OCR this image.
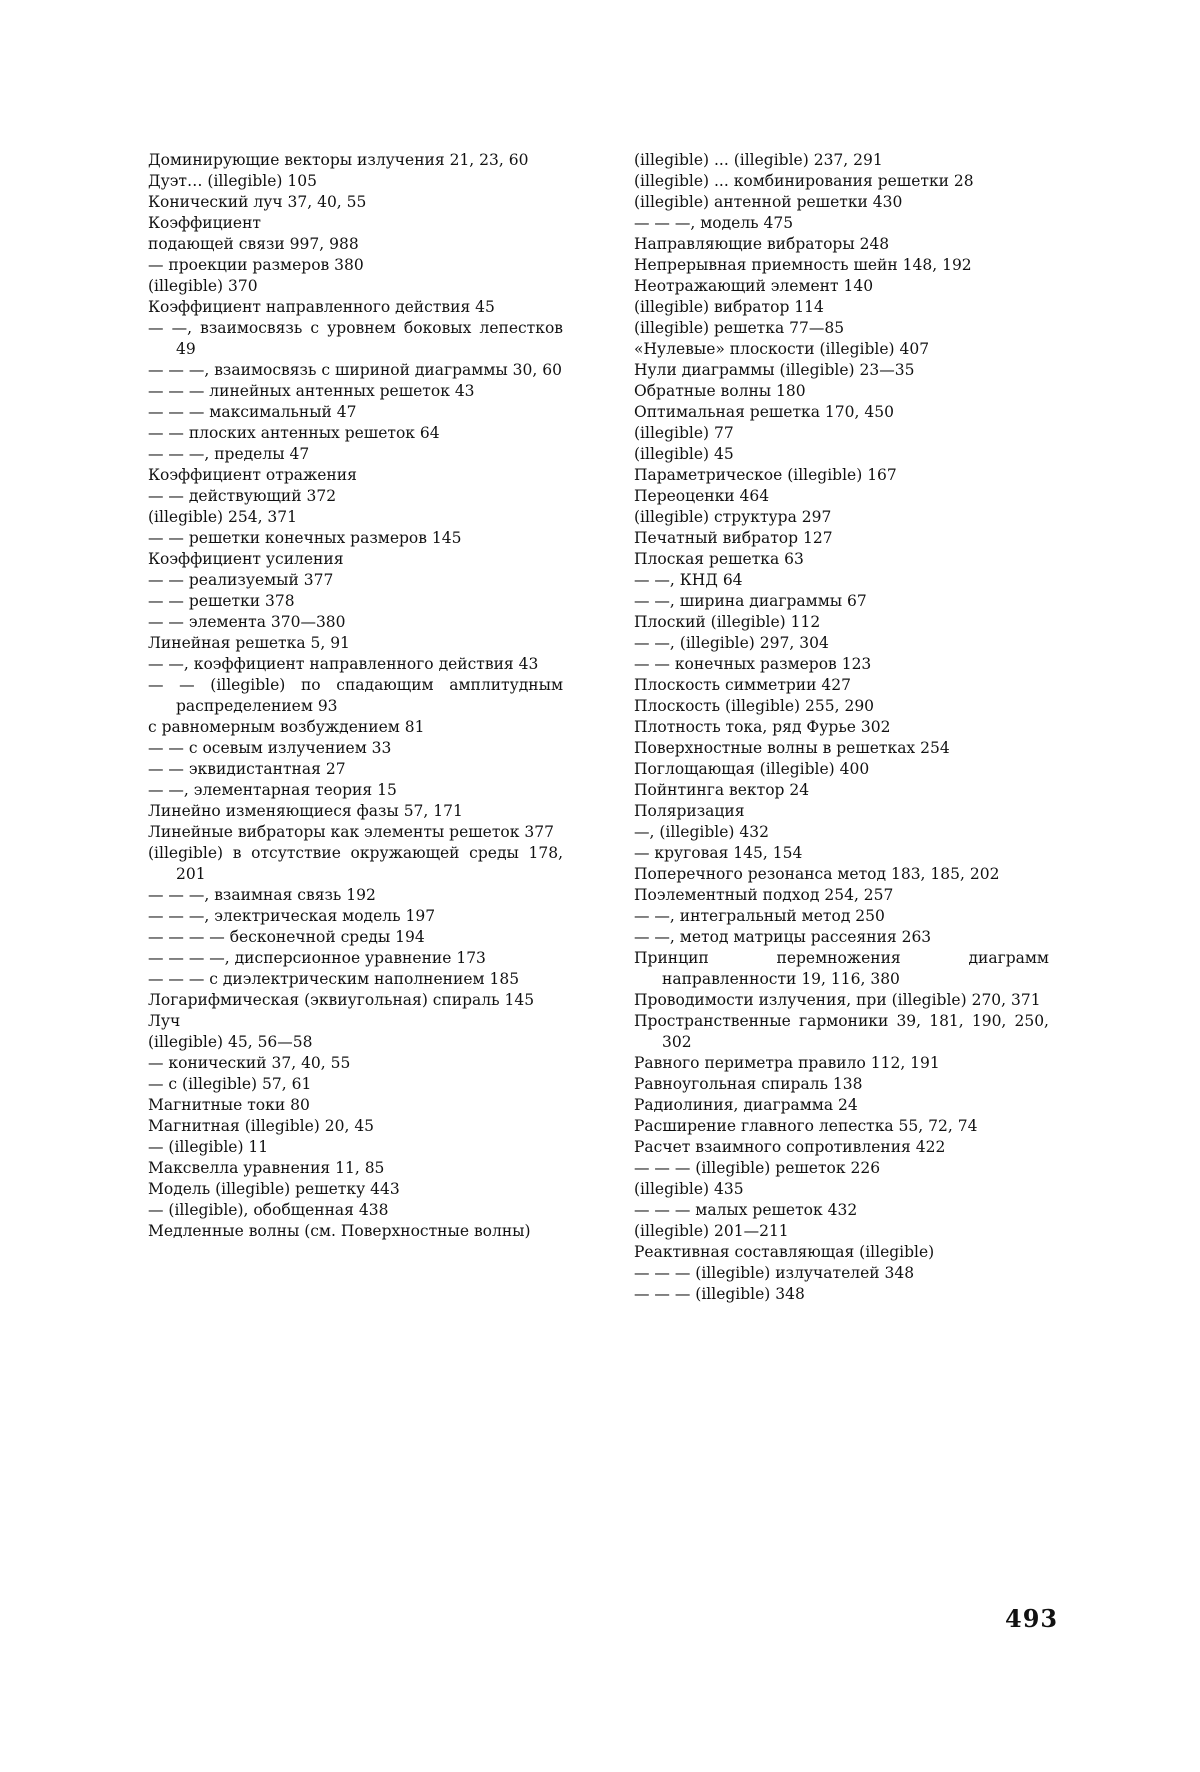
Доминирующие векторы излучения 21, 23, 60
Дуэт… (illegible) 105
Конический луч 37, 40, 55
Коэффициент
подающей связи 997, 988
— проекции размеров 380
(illegible) 370
Коэффициент направленного действия 45
— —, взаимосвязь с уровнем боковых лепестков 49
— — —, взаимосвязь с шириной диаграммы 30, 60
— — — линейных антенных решеток 43
— — — максимальный 47
— — плоских антенных решеток 64
— — —, пределы 47
Коэффициент отражения
— — действующий 372
(illegible) 254, 371
— — решетки конечных размеров 145
Коэффициент усиления
— — реализуемый 377
— — решетки 378
— — элемента 370—380
Линейная решетка 5, 91
— —, коэффициент направленного действия 43
— — (illegible) по спадающим амплитудным распределением 93
с равномерным возбуждением 81
— — с осевым излучением 33
— — эквидистантная 27
— —, элементарная теория 15
Линейно изменяющиеся фазы 57, 171
Линейные вибраторы как элементы решеток 377
(illegible) в отсутствие окружающей среды 178, 201
— — —, взаимная связь 192
— — —, электрическая модель 197
— — — — бесконечной среды 194
— — — —, дисперсионное уравнение 173
— — — с диэлектрическим наполнением 185
Логарифмическая (эквиугольная) спираль 145
Луч
(illegible) 45, 56—58
— конический 37, 40, 55
— с (illegible) 57, 61
Магнитные токи 80
Магнитная (illegible) 20, 45
— (illegible) 11
Максвелла уравнения 11, 85
Модель (illegible) решетку 443
— (illegible), обобщенная 438
Медленные волны (см. Поверхностные волны)
(illegible) ... (illegible) 237, 291
(illegible) ... комбинирования решетки 28
(illegible) антенной решетки 430
— — —, модель 475
Направляющие вибраторы 248
Непрерывная приемность шейн 148, 192
Неотражающий элемент 140
(illegible) вибратор 114
(illegible) решетка 77—85
«Нулевые» плоскости (illegible) 407
Нули диаграммы (illegible) 23—35
Обратные волны 180
Оптимальная решетка 170, 450
(illegible) 77
(illegible) 45
Параметрическое (illegible) 167
Переоценки 464
(illegible) структура 297
Печатный вибратор 127
Плоская решетка 63
— —, КНД 64
— —, ширина диаграммы 67
Плоский (illegible) 112
— —, (illegible) 297, 304
— — конечных размеров 123
Плоскость симметрии 427
Плоскость (illegible) 255, 290
Плотность тока, ряд Фурье 302
Поверхностные волны в решетках 254
Поглощающая (illegible) 400
Пойнтинга вектор 24
Поляризация
—, (illegible) 432
— круговая 145, 154
Поперечного резонанса метод 183, 185, 202
Поэлементный подход 254, 257
— —, интегральный метод 250
— —, метод матрицы рассеяния 263
Принцип перемножения диаграмм направленности 19, 116, 380
Проводимости излучения, при (illegible) 270, 371
Пространственные гармоники 39, 181, 190, 250, 302
Равного периметра правило 112, 191
Равноугольная спираль 138
Радиолиния, диаграмма 24
Расширение главного лепестка 55, 72, 74
Расчет взаимного сопротивления 422
— — — (illegible) решеток 226
(illegible) 435
— — — малых решеток 432
(illegible) 201—211
Реактивная составляющая (illegible)
— — — (illegible) излучателей 348
— — — (illegible) 348
493
